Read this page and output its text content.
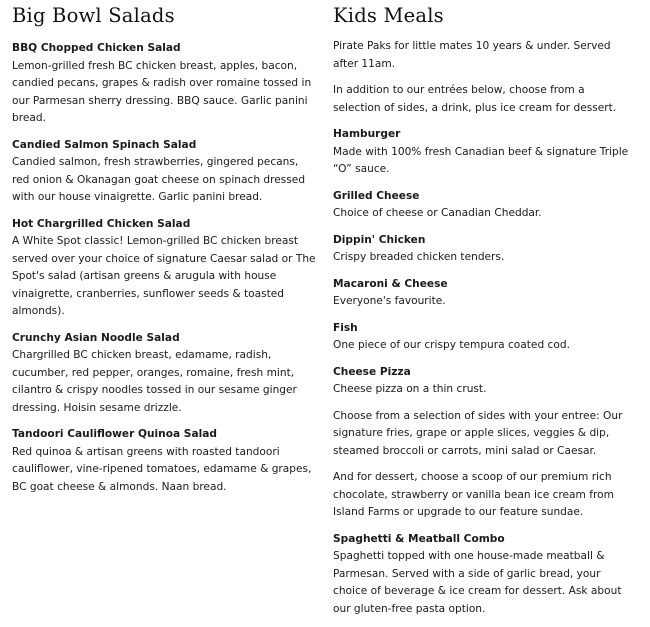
Big Bowl Salads
BBQ Chopped Chicken Salad
Lemon-grilled fresh BC chicken breast, apples, bacon, candied pecans, grapes & radish over romaine tossed in our Parmesan sherry dressing. BBQ sauce. Garlic panini bread.
Candied Salmon Spinach Salad
Candied salmon, fresh strawberries, gingered pecans, red onion & Okanagan goat cheese on spinach dressed with our house vinaigrette. Garlic panini bread.
Hot Chargrilled Chicken Salad
A White Spot classic! Lemon-grilled BC chicken breast served over your choice of signature Caesar salad or The Spot's salad (artisan greens & arugula with house vinaigrette, cranberries, sunflower seeds & toasted almonds).
Crunchy Asian Noodle Salad
Chargrilled BC chicken breast, edamame, radish, cucumber, red pepper, oranges, romaine, fresh mint, cilantro & crispy noodles tossed in our sesame ginger dressing. Hoisin sesame drizzle.
Tandoori Cauliflower Quinoa Salad
Red quinoa & artisan greens with roasted tandoori cauliflower, vine-ripened tomatoes, edamame & grapes, BC goat cheese & almonds. Naan bread.
Kids Meals
Pirate Paks for little mates 10 years & under. Served after 11am.
In addition to our entrées below, choose from a selection of sides, a drink, plus ice cream for dessert.
Hamburger
Made with 100% fresh Canadian beef & signature Triple “O” sauce.
Grilled Cheese
Choice of cheese or Canadian Cheddar.
Dippin' Chicken
Crispy breaded chicken tenders.
Macaroni & Cheese
Everyone's favourite.
Fish
One piece of our crispy tempura coated cod.
Cheese Pizza
Cheese pizza on a thin crust.
Choose from a selection of sides with your entree: Our signature fries, grape or apple slices, veggies & dip, steamed broccoli or carrots, mini salad or Caesar.
And for dessert, choose a scoop of our premium rich chocolate, strawberry or vanilla bean ice cream from Island Farms or upgrade to our feature sundae.
Spaghetti & Meatball Combo
Spaghetti topped with one house-made meatball & Parmesan. Served with a side of garlic bread, your choice of beverage & ice cream for dessert. Ask about our gluten-free pasta option.
